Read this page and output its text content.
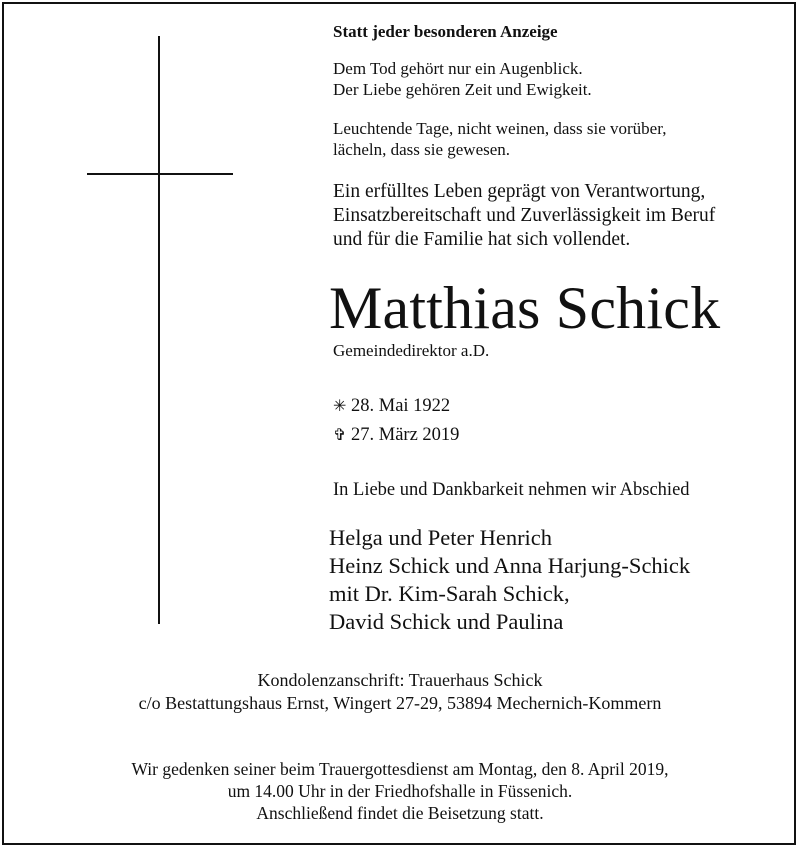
Statt jeder besonderen Anzeige
Dem Tod gehört nur ein Augenblick.
Der Liebe gehören Zeit und Ewigkeit.
Leuchtende Tage, nicht weinen, dass sie vorüber,
lächeln, dass sie gewesen.
Ein erfülltes Leben geprägt von Verantwortung,
Einsatzbereitschaft und Zuverlässigkeit im Beruf
und für die Familie hat sich vollendet.
Matthias Schick
Gemeindedirektor a.D.
✳ 28. Mai 1922
✞ 27. März 2019
In Liebe und Dankbarkeit nehmen wir Abschied
Helga und Peter Henrich
Heinz Schick und Anna Harjung-Schick
mit Dr. Kim-Sarah Schick,
David Schick und Paulina
Kondolenzanschrift: Trauerhaus Schick
c/o Bestattungshaus Ernst, Wingert 27-29, 53894 Mechernich-Kommern
Wir gedenken seiner beim Trauergottesdienst am Montag, den 8. April 2019,
um 14.00 Uhr in der Friedhofshalle in Füssenich.
Anschließend findet die Beisetzung statt.
